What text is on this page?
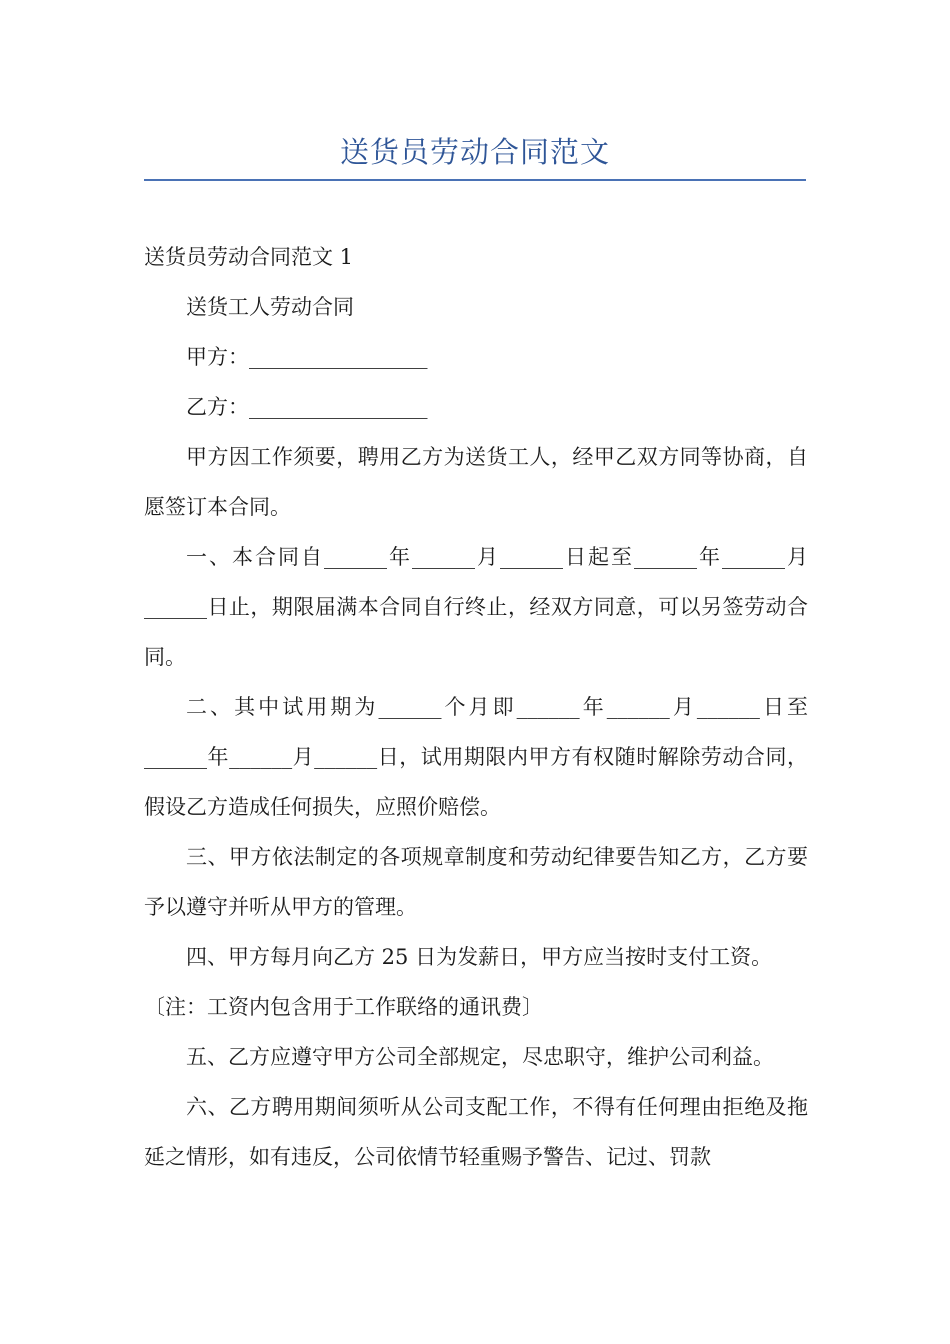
送货员劳动合同范文

送货员劳动合同范文 1

送货工人劳动合同

甲方：_________________

乙方：_________________

甲方因工作须要，聘用乙方为送货工人，经甲乙双方同等协商，自愿签订本合同。

一、本合同自______年______月______日起至______年______月______日止，期限届满本合同自行终止，经双方同意，可以另签劳动合同。

二、其中试用期为______个月即______年______月______日至______年______月______日，试用期限内甲方有权随时解除劳动合同，假设乙方造成任何损失，应照价赔偿。

三、甲方依法制定的各项规章制度和劳动纪律要告知乙方，乙方要予以遵守并听从甲方的管理。

四、甲方每月向乙方 25 日为发薪日，甲方应当按时支付工资。

〔注：工资内包含用于工作联络的通讯费〕

五、乙方应遵守甲方公司全部规定，尽忠职守，维护公司利益。

六、乙方聘用期间须听从公司支配工作，不得有任何理由拒绝及拖延之情形，如有违反，公司依情节轻重赐予警告、记过、罚款
